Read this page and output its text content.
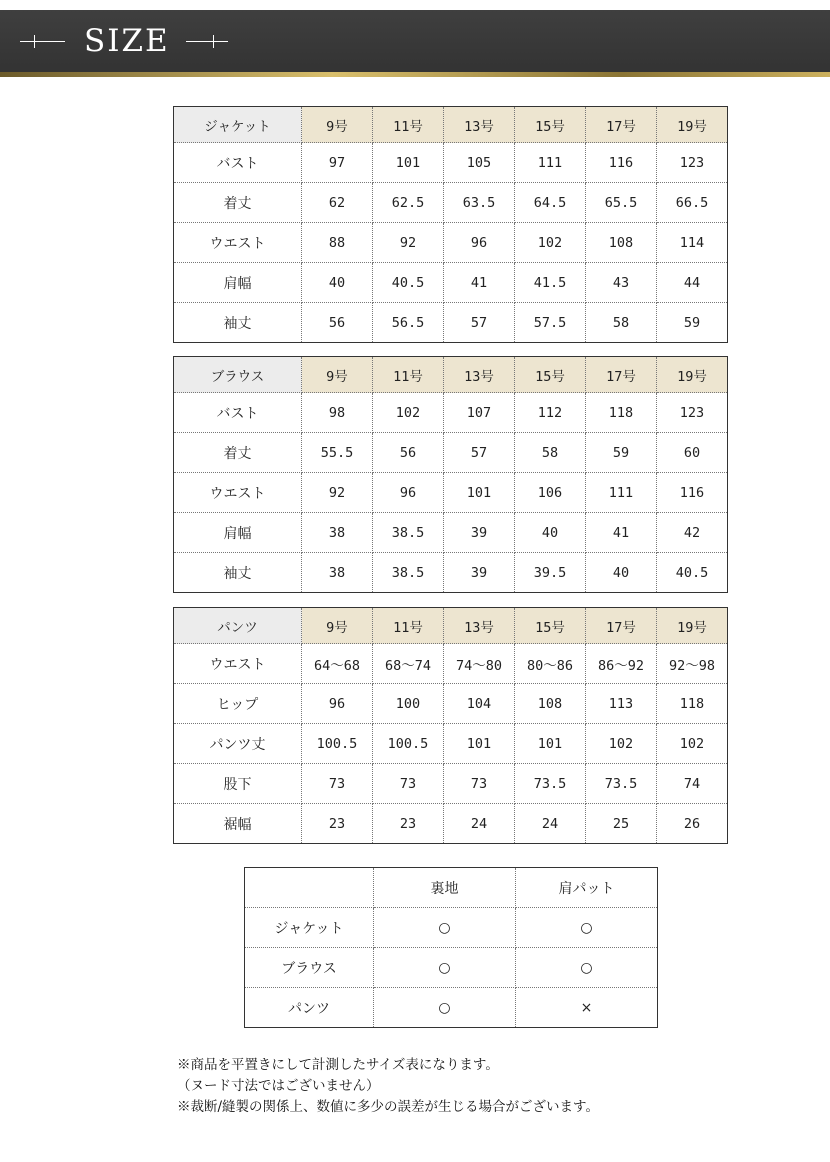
SIZE
ジャケット	9号	11号	13号	15号	17号	19号
バスト	97	101	105	111	116	123
着丈	62	62.5	63.5	64.5	65.5	66.5
ウエスト	88	92	96	102	108	114
肩幅	40	40.5	41	41.5	43	44
袖丈	56	56.5	57	57.5	58	59
ブラウス	9号	11号	13号	15号	17号	19号
バスト	98	102	107	112	118	123
着丈	55.5	56	57	58	59	60
ウエスト	92	96	101	106	111	116
肩幅	38	38.5	39	40	41	42
袖丈	38	38.5	39	39.5	40	40.5
パンツ	9号	11号	13号	15号	17号	19号
ウエスト	64～68	68～74	74～80	80～86	86～92	92～98
ヒップ	96	100	104	108	113	118
パンツ丈	100.5	100.5	101	101	102	102
股下	73	73	73	73.5	73.5	74
裾幅	23	23	24	24	25	26
	裏地	肩パット
ジャケット	○	○
ブラウス	○	○
パンツ	○	×
※商品を平置きにして計測したサイズ表になります。
（ヌード寸法ではございません）
※裁断/縫製の関係上、数値に多少の誤差が生じる場合がございます。
